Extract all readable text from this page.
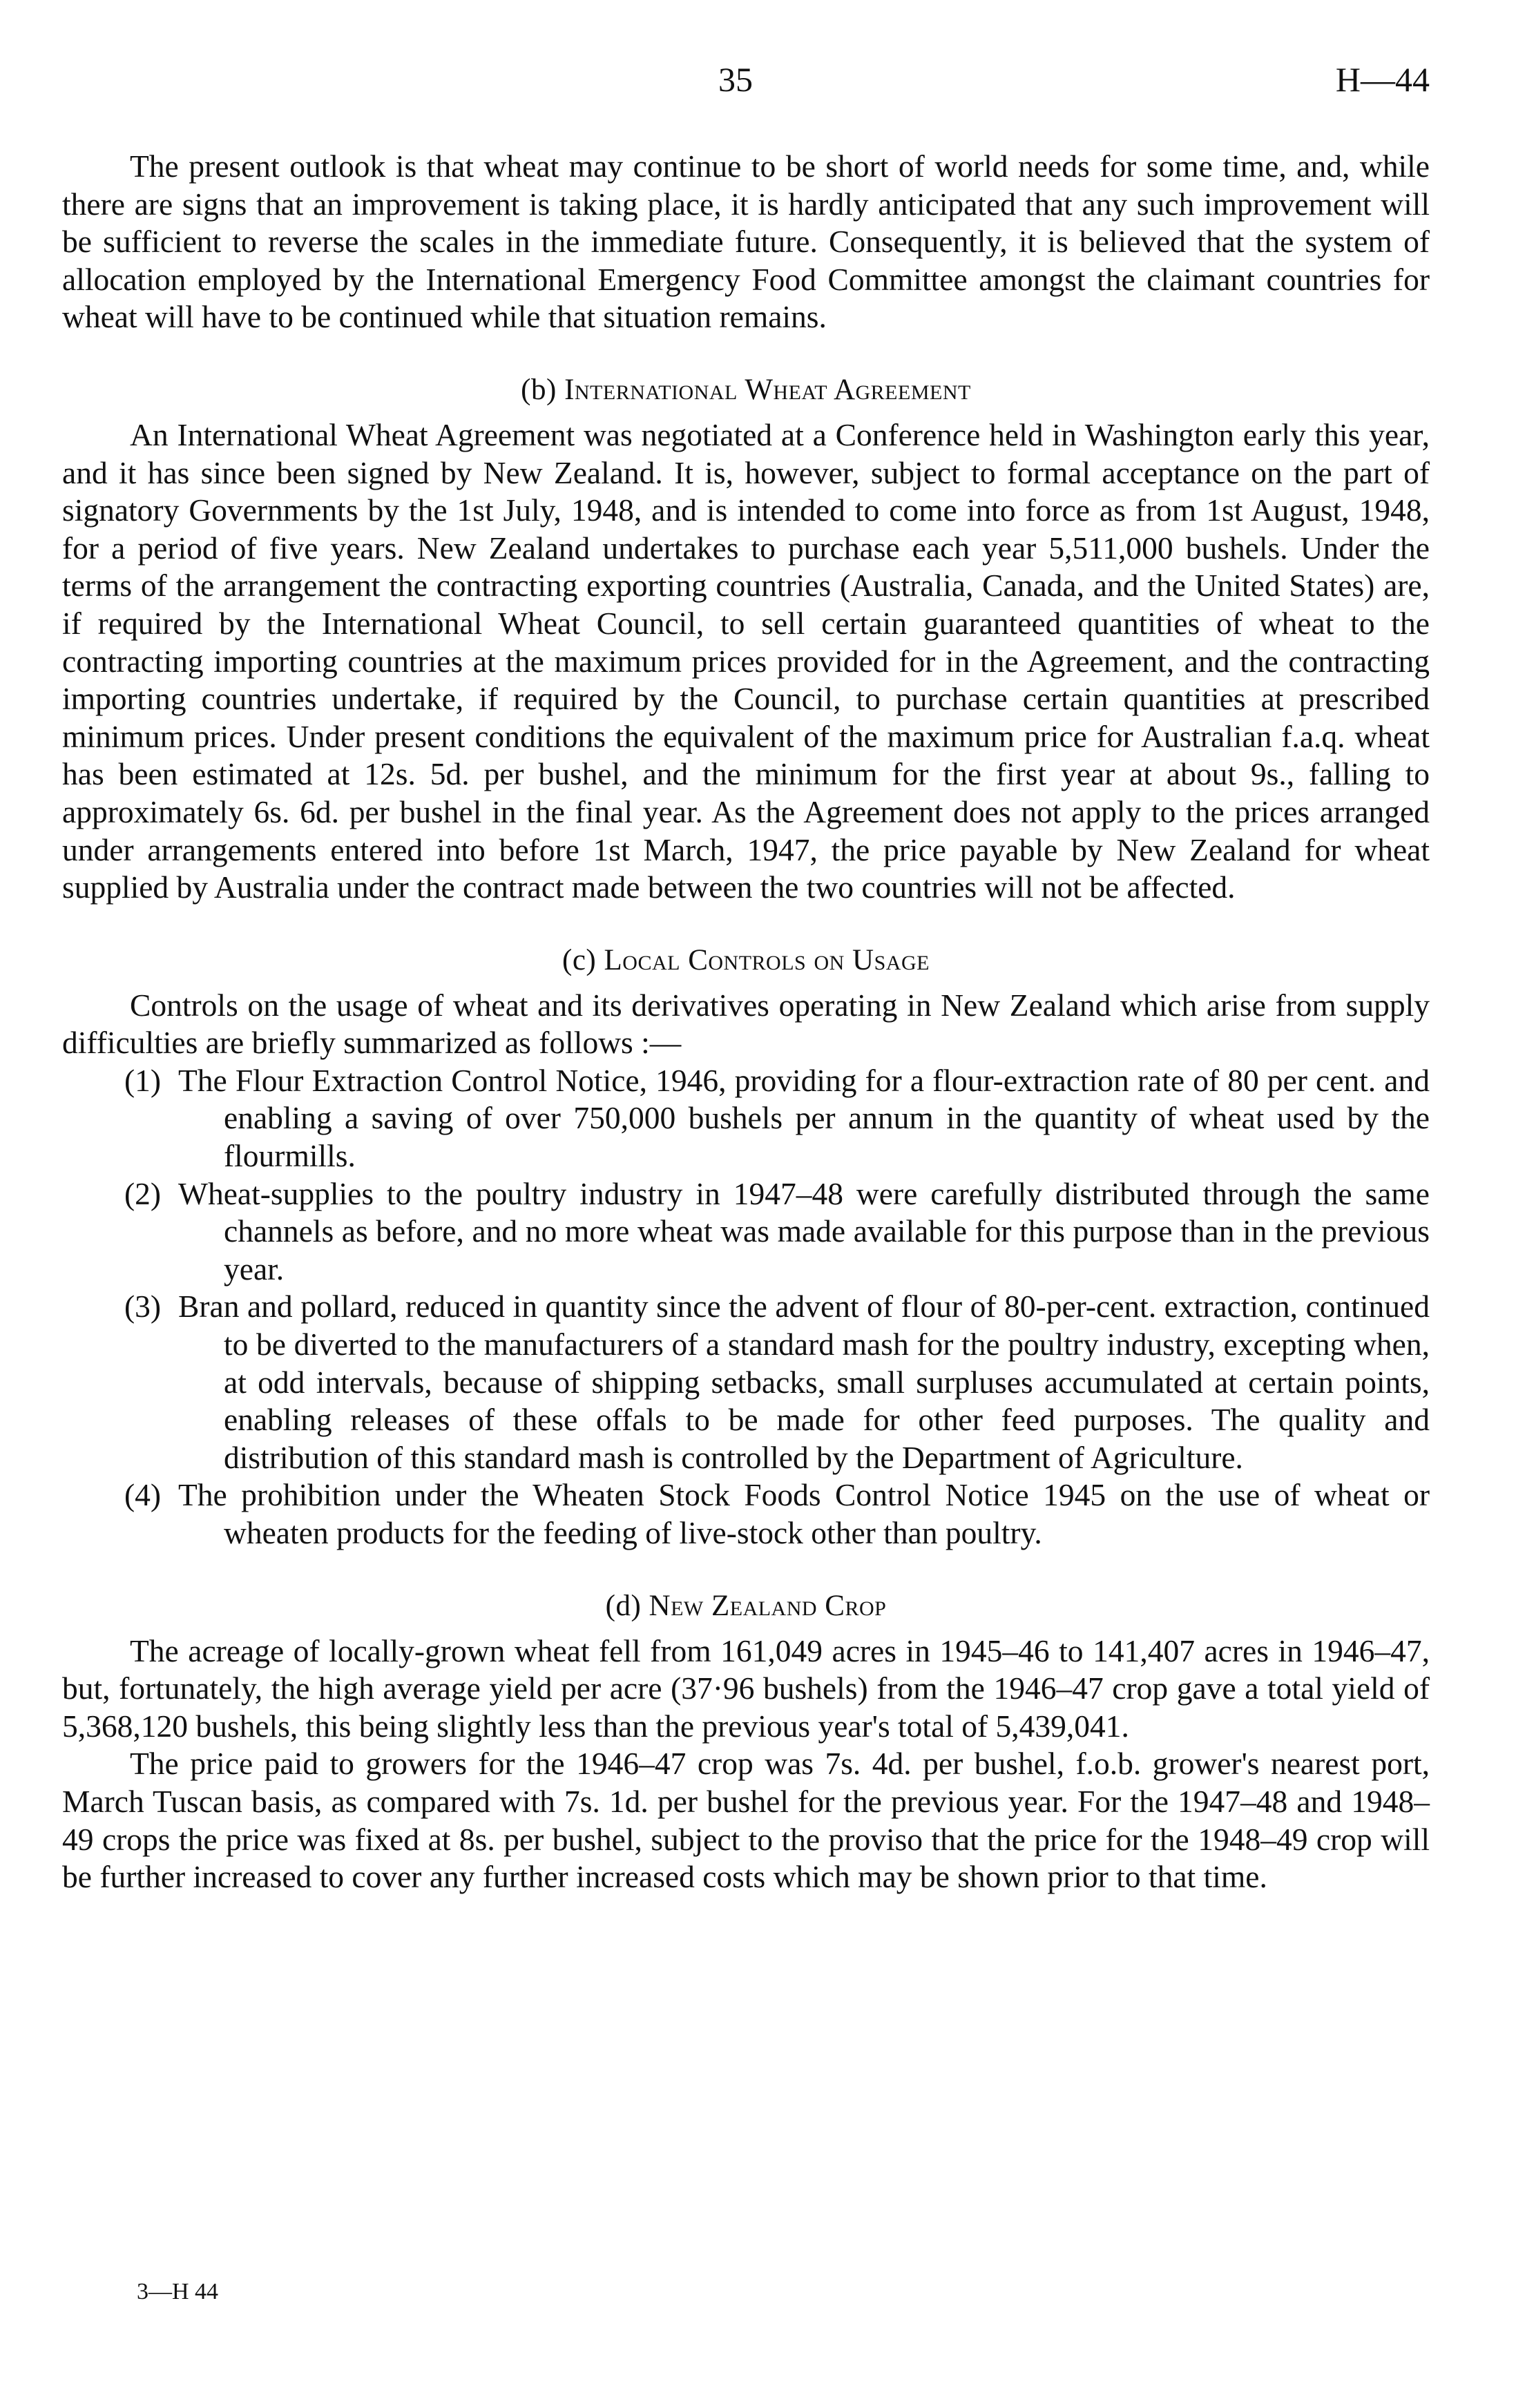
35	H—44

The present outlook is that wheat may continue to be short of world needs for some time, and, while there are signs that an improvement is taking place, it is hardly anticipated that any such improvement will be sufficient to reverse the scales in the immediate future. Consequently, it is believed that the system of allocation employed by the International Emergency Food Committee amongst the claimant countries for wheat will have to be continued while that situation remains.

(b) International Wheat Agreement

An International Wheat Agreement was negotiated at a Conference held in Washington early this year, and it has since been signed by New Zealand. It is, however, subject to formal acceptance on the part of signatory Governments by the 1st July, 1948, and is intended to come into force as from 1st August, 1948, for a period of five years. New Zealand undertakes to purchase each year 5,511,000 bushels. Under the terms of the arrangement the contracting exporting countries (Australia, Canada, and the United States) are, if required by the International Wheat Council, to sell certain guaranteed quantities of wheat to the contracting importing countries at the maximum prices provided for in the Agreement, and the contracting importing countries undertake, if required by the Council, to purchase certain quantities at prescribed minimum prices. Under present conditions the equivalent of the maximum price for Australian f.a.q. wheat has been estimated at 12s. 5d. per bushel, and the minimum for the first year at about 9s., falling to approximately 6s. 6d. per bushel in the final year. As the Agreement does not apply to the prices arranged under arrangements entered into before 1st March, 1947, the price payable by New Zealand for wheat supplied by Australia under the contract made between the two countries will not be affected.

(c) Local Controls on Usage

Controls on the usage of wheat and its derivatives operating in New Zealand which arise from supply difficulties are briefly summarized as follows :—

(1) The Flour Extraction Control Notice, 1946, providing for a flour-extraction rate of 80 per cent. and enabling a saving of over 750,000 bushels per annum in the quantity of wheat used by the flourmills.
(2) Wheat-supplies to the poultry industry in 1947–48 were carefully distributed through the same channels as before, and no more wheat was made available for this purpose than in the previous year.
(3) Bran and pollard, reduced in quantity since the advent of flour of 80-per-cent. extraction, continued to be diverted to the manufacturers of a standard mash for the poultry industry, excepting when, at odd intervals, because of shipping setbacks, small surpluses accumulated at certain points, enabling releases of these offals to be made for other feed purposes. The quality and distribution of this standard mash is controlled by the Department of Agriculture.
(4) The prohibition under the Wheaten Stock Foods Control Notice 1945 on the use of wheat or wheaten products for the feeding of live-stock other than poultry.
(d) New Zealand Crop

The acreage of locally-grown wheat fell from 161,049 acres in 1945–46 to 141,407 acres in 1946–47, but, fortunately, the high average yield per acre (37·96 bushels) from the 1946–47 crop gave a total yield of 5,368,120 bushels, this being slightly less than the previous year's total of 5,439,041.

The price paid to growers for the 1946–47 crop was 7s. 4d. per bushel, f.o.b. grower's nearest port, March Tuscan basis, as compared with 7s. 1d. per bushel for the previous year. For the 1947–48 and 1948–49 crops the price was fixed at 8s. per bushel, subject to the proviso that the price for the 1948–49 crop will be further increased to cover any further increased costs which may be shown prior to that time.

3—H 44
